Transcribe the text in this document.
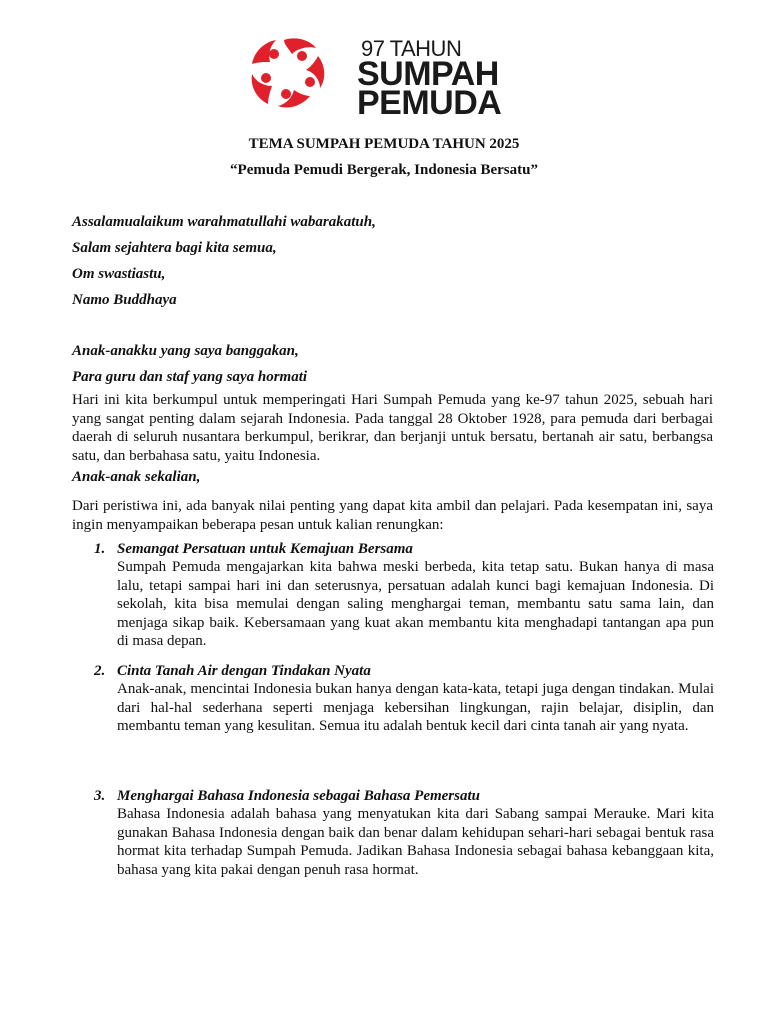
97 TAHUN
SUMPAH
PEMUDA
TEMA SUMPAH PEMUDA TAHUN 2025
“Pemuda Pemudi Bergerak, Indonesia Bersatu”
Assalamualaikum warahmatullahi wabarakatuh,
Salam sejahtera bagi kita semua,
Om swastiastu,
Namo Buddhaya
Anak-anakku yang saya banggakan,
Para guru dan staf yang saya hormati
Hari ini kita berkumpul untuk memperingati Hari Sumpah Pemuda yang ke-97 tahun 2025, sebuah hari yang sangat penting dalam sejarah Indonesia. Pada tanggal 28 Oktober 1928, para pemuda dari berbagai daerah di seluruh nusantara berkumpul, berikrar, dan berjanji untuk bersatu, bertanah air satu, berbangsa satu, dan berbahasa satu, yaitu Indonesia.
Anak-anak sekalian,
Dari peristiwa ini, ada banyak nilai penting yang dapat kita ambil dan pelajari. Pada kesempatan ini, saya ingin menyampaikan beberapa pesan untuk kalian renungkan:
1. Semangat Persatuan untuk Kemajuan Bersama
Sumpah Pemuda mengajarkan kita bahwa meski berbeda, kita tetap satu. Bukan hanya di masa lalu, tetapi sampai hari ini dan seterusnya, persatuan adalah kunci bagi kemajuan Indonesia. Di sekolah, kita bisa memulai dengan saling menghargai teman, membantu satu sama lain, dan menjaga sikap baik. Kebersamaan yang kuat akan membantu kita menghadapi tantangan apa pun di masa depan.
2. Cinta Tanah Air dengan Tindakan Nyata
Anak-anak, mencintai Indonesia bukan hanya dengan kata-kata, tetapi juga dengan tindakan. Mulai dari hal-hal sederhana seperti menjaga kebersihan lingkungan, rajin belajar, disiplin, dan membantu teman yang kesulitan. Semua itu adalah bentuk kecil dari cinta tanah air yang nyata.
3. Menghargai Bahasa Indonesia sebagai Bahasa Pemersatu
Bahasa Indonesia adalah bahasa yang menyatukan kita dari Sabang sampai Merauke. Mari kita gunakan Bahasa Indonesia dengan baik dan benar dalam kehidupan sehari-hari sebagai bentuk rasa hormat kita terhadap Sumpah Pemuda. Jadikan Bahasa Indonesia sebagai bahasa kebanggaan kita, bahasa yang kita pakai dengan penuh rasa hormat.
